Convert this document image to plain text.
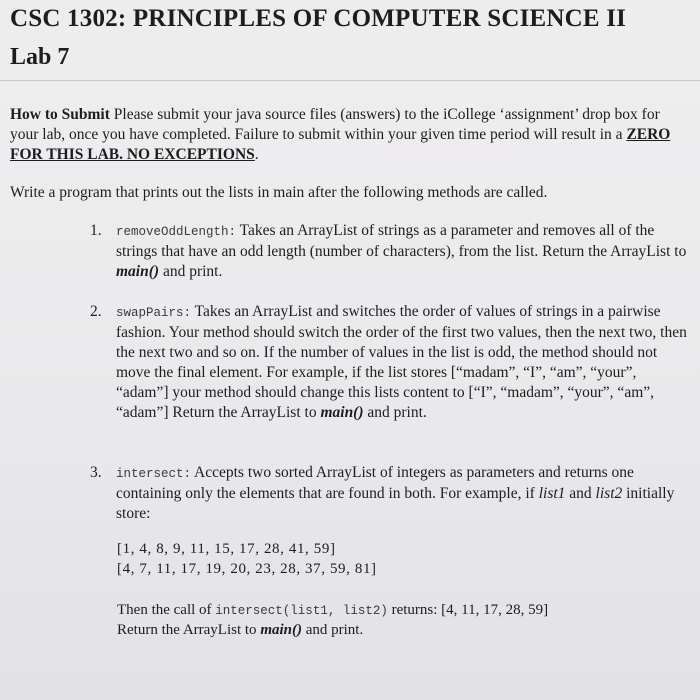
CSC 1302: PRINCIPLES OF COMPUTER SCIENCE II
Lab 7
How to Submit Please submit your java source files (answers) to the iCollege ‘assignment’ drop box for your lab, once you have completed. Failure to submit within your given time period will result in a ZERO FOR THIS LAB. NO EXCEPTIONS.
Write a program that prints out the lists in main after the following methods are called.
1.	removeOddLength: Takes an ArrayList of strings as a parameter and removes all of the strings that have an odd length (number of characters), from the list. Return the ArrayList to main() and print.
2.	swapPairs: Takes an ArrayList and switches the order of values of strings in a pairwise fashion. Your method should switch the order of the first two values, then the next two, then the next two and so on. If the number of values in the list is odd, the method should not move the final element. For example, if the list stores [“madam”, “I”, “am”, “your”, “adam”] your method should change this lists content to [“I”, “madam”, “your”, “am”, “adam”] Return the ArrayList to main() and print.
3.	intersect: Accepts two sorted ArrayList of integers as parameters and returns one containing only the elements that are found in both. For example, if list1 and list2 initially store:
[1, 4, 8, 9, 11, 15, 17, 28, 41, 59]
[4, 7, 11, 17, 19, 20, 23, 28, 37, 59, 81]
Then the call of intersect(list1, list2) returns: [4, 11, 17, 28, 59]
Return the ArrayList to main() and print.
